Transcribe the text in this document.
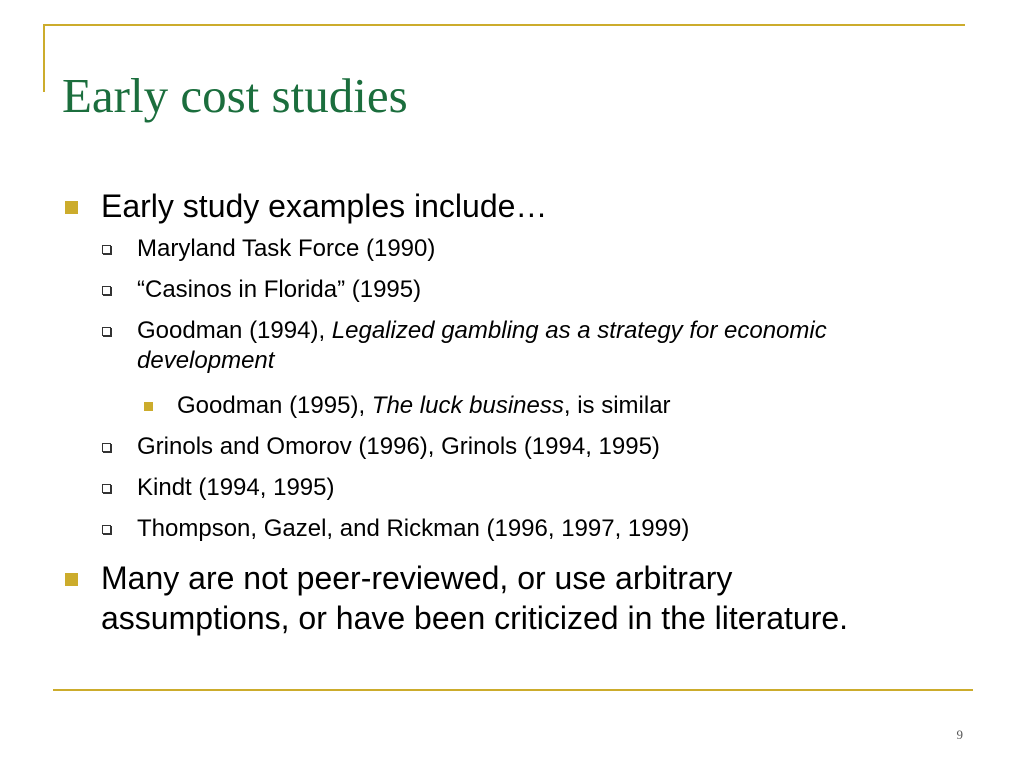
Early cost studies
Early study examples include…
Maryland Task Force (1990)
“Casinos in Florida” (1995)
Goodman (1994), Legalized gambling as a strategy for economic development
Goodman (1995), The luck business, is similar
Grinols and Omorov (1996), Grinols (1994, 1995)
Kindt (1994, 1995)
Thompson, Gazel, and Rickman (1996, 1997, 1999)
Many are not peer-reviewed, or use arbitrary assumptions, or have been criticized in the literature.
9
